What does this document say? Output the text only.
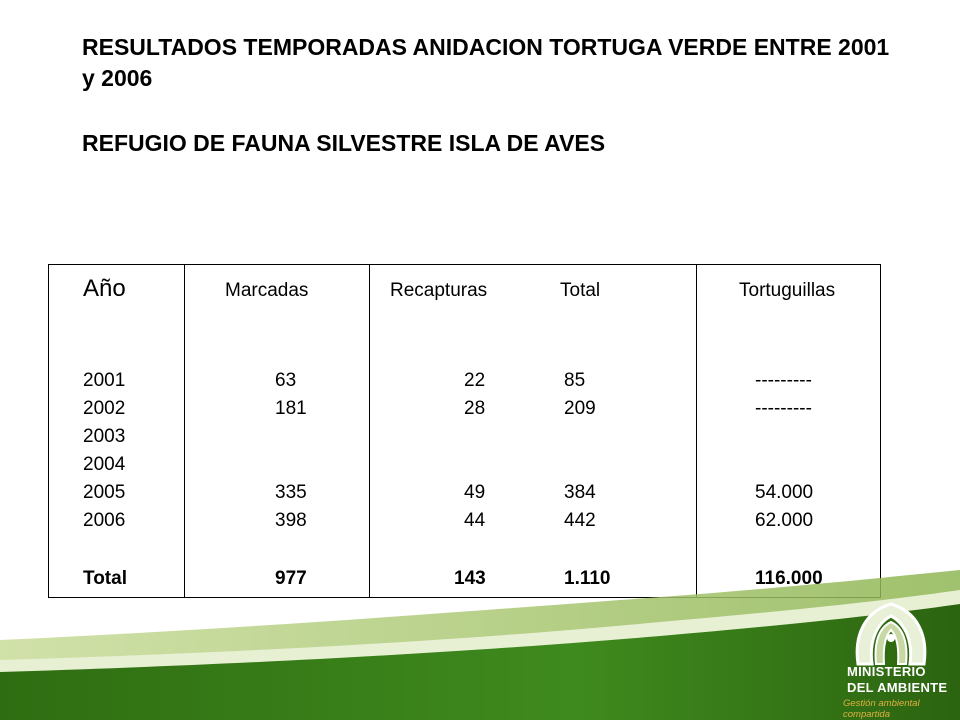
RESULTADOS TEMPORADAS ANIDACION TORTUGA VERDE ENTRE 2001 y 2006
REFUGIO DE FAUNA SILVESTRE ISLA DE AVES
Año	Marcadas	Recapturas	Total	Tortuguillas
2001	63	22	85	---------
2002	181	28	209	---------
2003
2004
2005	335	49	384	54.000
2006	398	44	442	62.000
Total	977	143	1.110	116.000
MINISTERIO
DEL AMBIENTE
Gestión ambiental compartida
